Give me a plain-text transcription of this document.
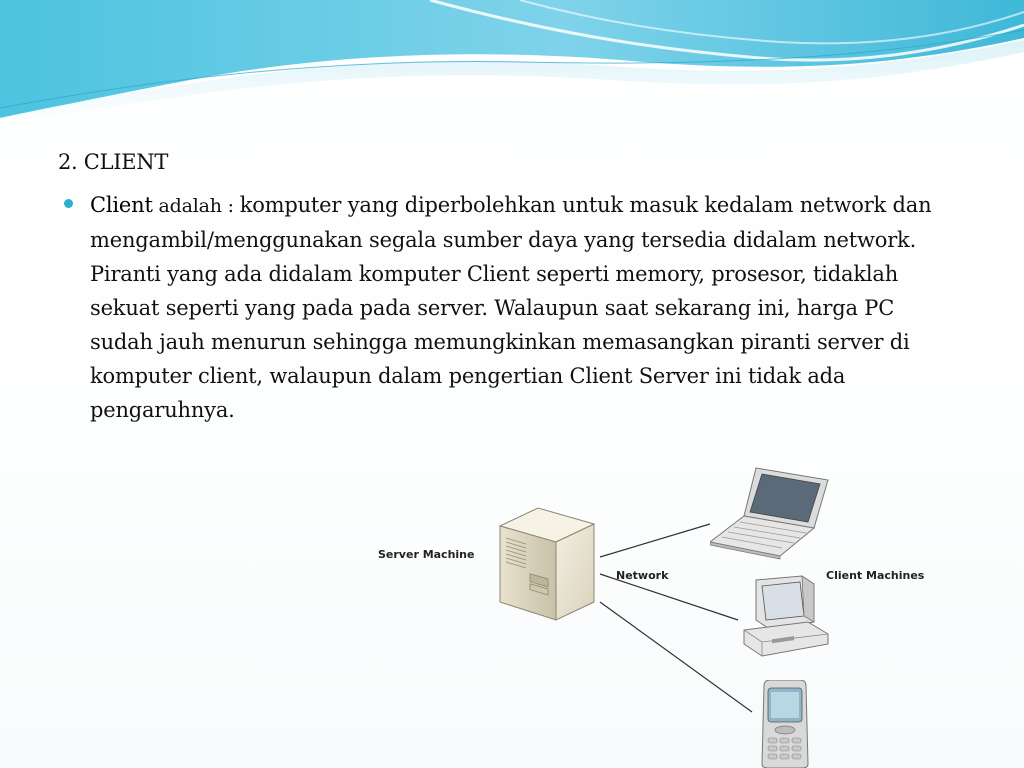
2. CLIENT
Client adalah : komputer yang diperbolehkan untuk masuk kedalam network dan mengambil/menggunakan segala sumber daya yang tersedia didalam network. Piranti yang ada didalam komputer Client seperti memory, prosesor, tidaklah sekuat seperti yang pada pada server. Walaupun saat sekarang ini, harga PC sudah jauh menurun sehingga memungkinkan memasangkan piranti server di komputer client, walaupun dalam pengertian Client Server ini tidak ada pengaruhnya.
Server Machine
Network	Client Machines
